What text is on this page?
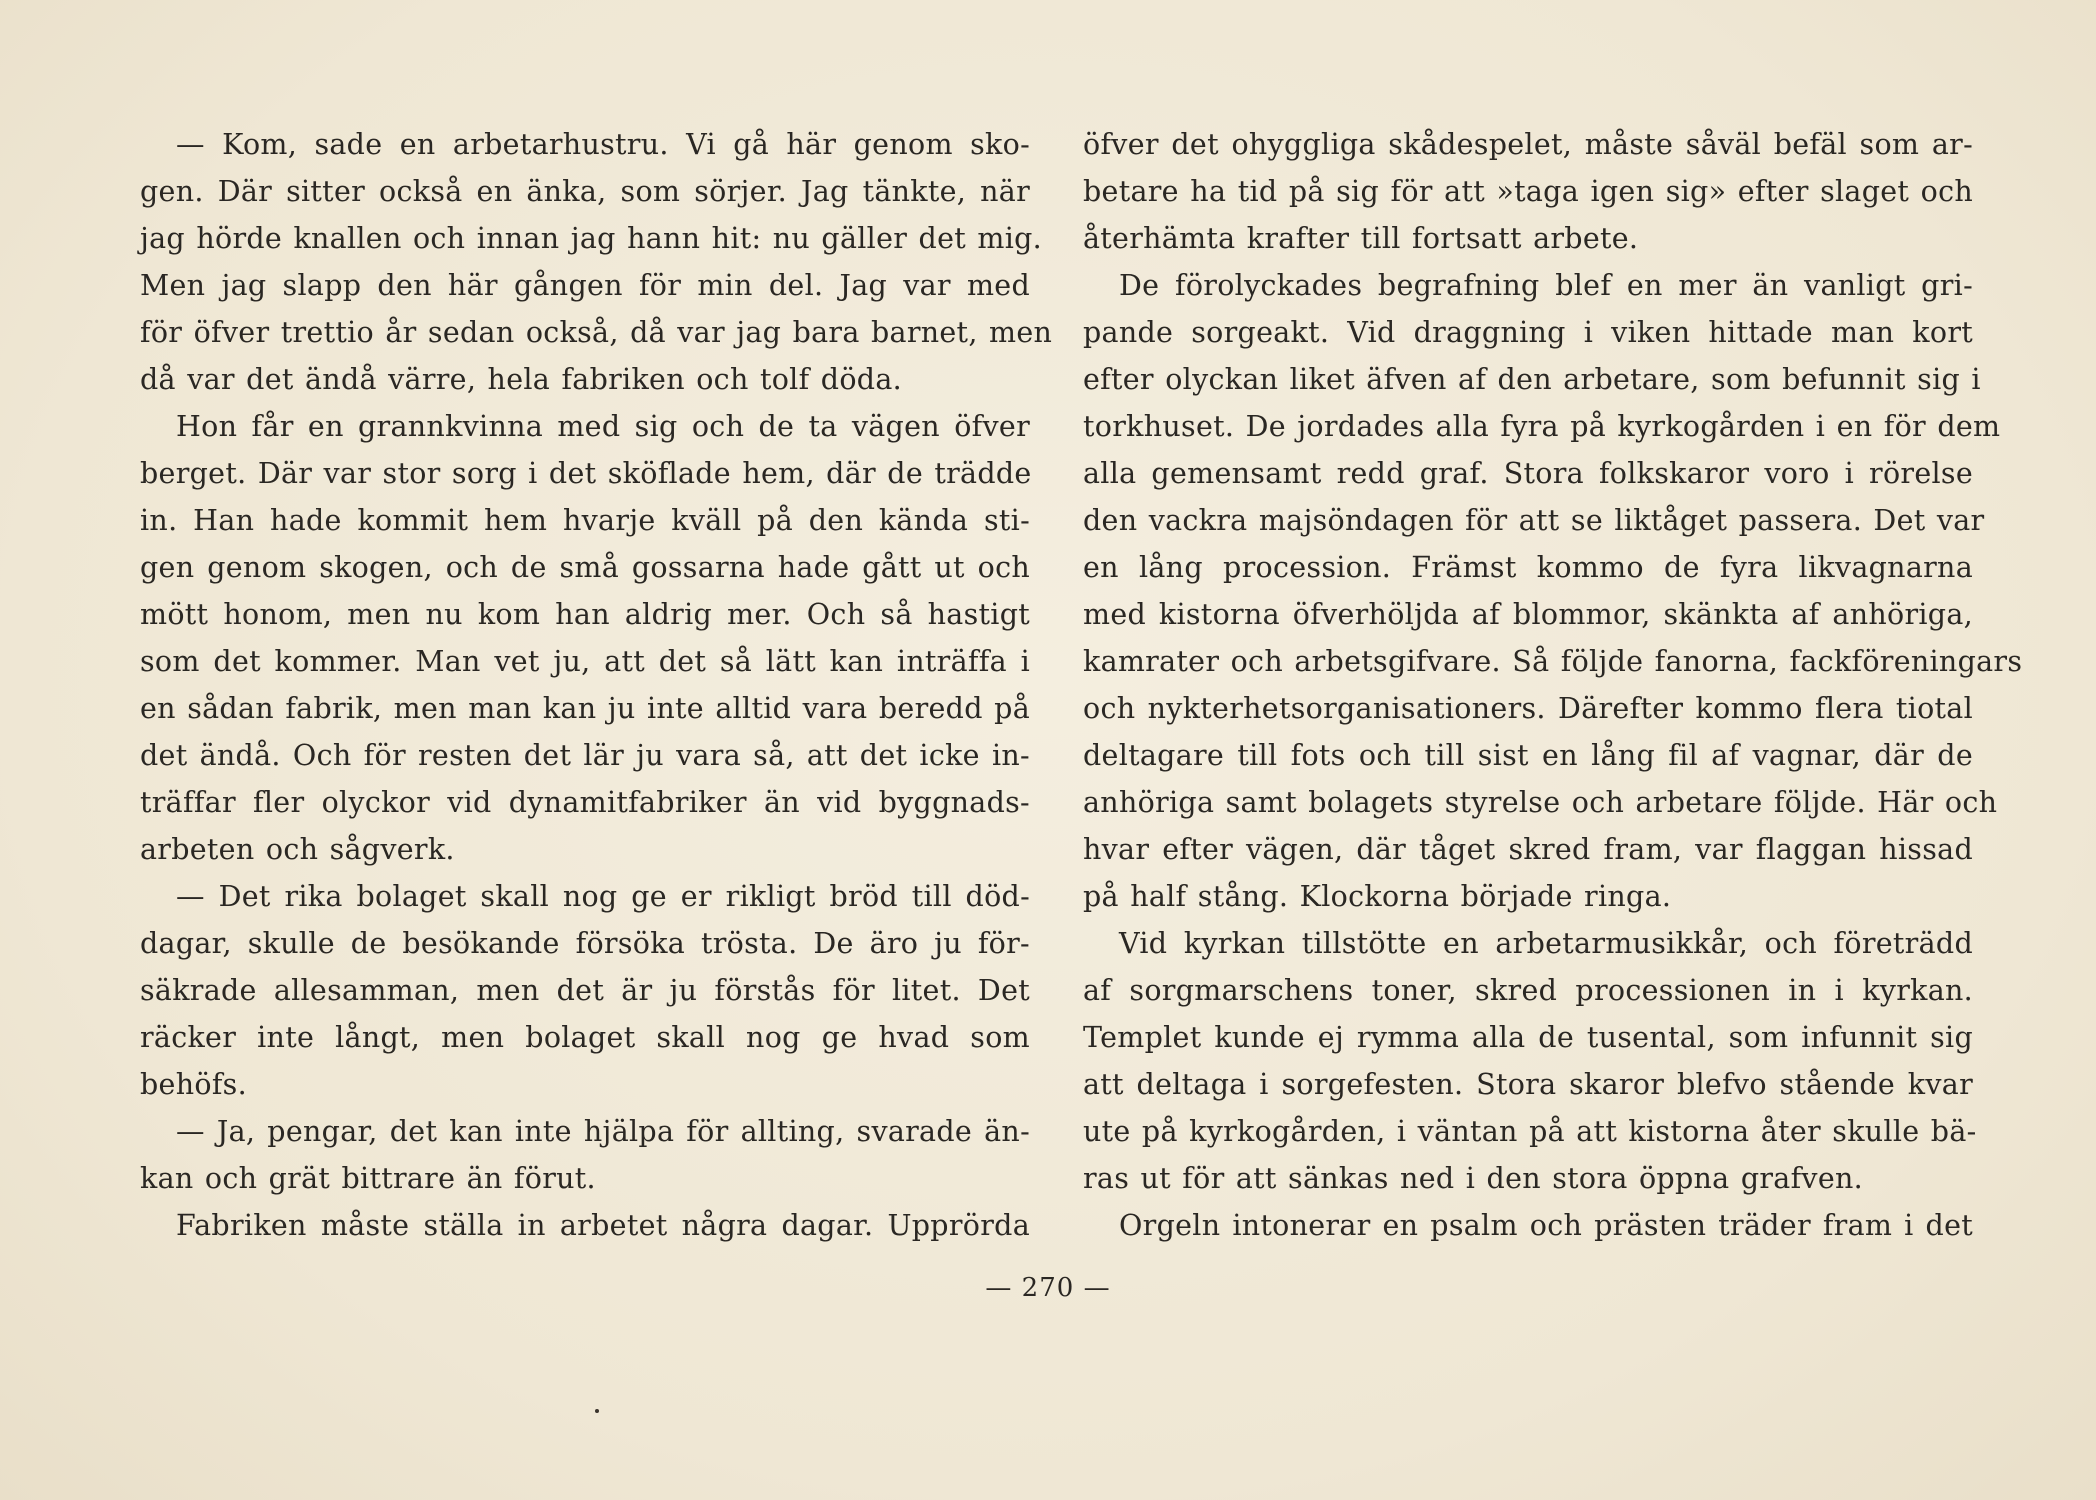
— Kom, sade en arbetarhustru. Vi gå här genom sko-
gen. Där sitter också en änka, som sörjer. Jag tänkte, när
jag hörde knallen och innan jag hann hit: nu gäller det mig.
Men jag slapp den här gången för min del. Jag var med
för öfver trettio år sedan också, då var jag bara barnet, men
då var det ändå värre, hela fabriken och tolf döda.
Hon får en grannkvinna med sig och de ta vägen öfver
berget. Där var stor sorg i det sköflade hem, där de trädde
in. Han hade kommit hem hvarje kväll på den kända sti-
gen genom skogen, och de små gossarna hade gått ut och
mött honom, men nu kom han aldrig mer. Och så hastigt
som det kommer. Man vet ju, att det så lätt kan inträffa i
en sådan fabrik, men man kan ju inte alltid vara beredd på
det ändå. Och för resten det lär ju vara så, att det icke in-
träffar fler olyckor vid dynamitfabriker än vid byggnads-
arbeten och sågverk.
— Det rika bolaget skall nog ge er rikligt bröd till död-
dagar, skulle de besökande försöka trösta. De äro ju för-
säkrade allesamman, men det är ju förstås för litet. Det
räcker inte långt, men bolaget skall nog ge hvad som
behöfs.
— Ja, pengar, det kan inte hjälpa för allting, svarade än-
kan och grät bittrare än förut.
Fabriken måste ställa in arbetet några dagar. Upprörda
öfver det ohyggliga skådespelet, måste såväl befäl som ar-
betare ha tid på sig för att »taga igen sig» efter slaget och
återhämta krafter till fortsatt arbete.
De förolyckades begrafning blef en mer än vanligt gri-
pande sorgeakt. Vid draggning i viken hittade man kort
efter olyckan liket äfven af den arbetare, som befunnit sig i
torkhuset. De jordades alla fyra på kyrkogården i en för dem
alla gemensamt redd graf. Stora folkskaror voro i rörelse
den vackra majsöndagen för att se liktåget passera. Det var
en lång procession. Främst kommo de fyra likvagnarna
med kistorna öfverhöljda af blommor, skänkta af anhöriga,
kamrater och arbetsgifvare. Så följde fanorna, fackföreningars
och nykterhetsorganisationers. Därefter kommo flera tiotal
deltagare till fots och till sist en lång fil af vagnar, där de
anhöriga samt bolagets styrelse och arbetare följde. Här och
hvar efter vägen, där tåget skred fram, var flaggan hissad
på half stång. Klockorna började ringa.
Vid kyrkan tillstötte en arbetarmusikkår, och företrädd
af sorgmarschens toner, skred processionen in i kyrkan.
Templet kunde ej rymma alla de tusental, som infunnit sig
att deltaga i sorgefesten. Stora skaror blefvo stående kvar
ute på kyrkogården, i väntan på att kistorna åter skulle bä-
ras ut för att sänkas ned i den stora öppna grafven.
Orgeln intonerar en psalm och prästen träder fram i det
— 270 —
